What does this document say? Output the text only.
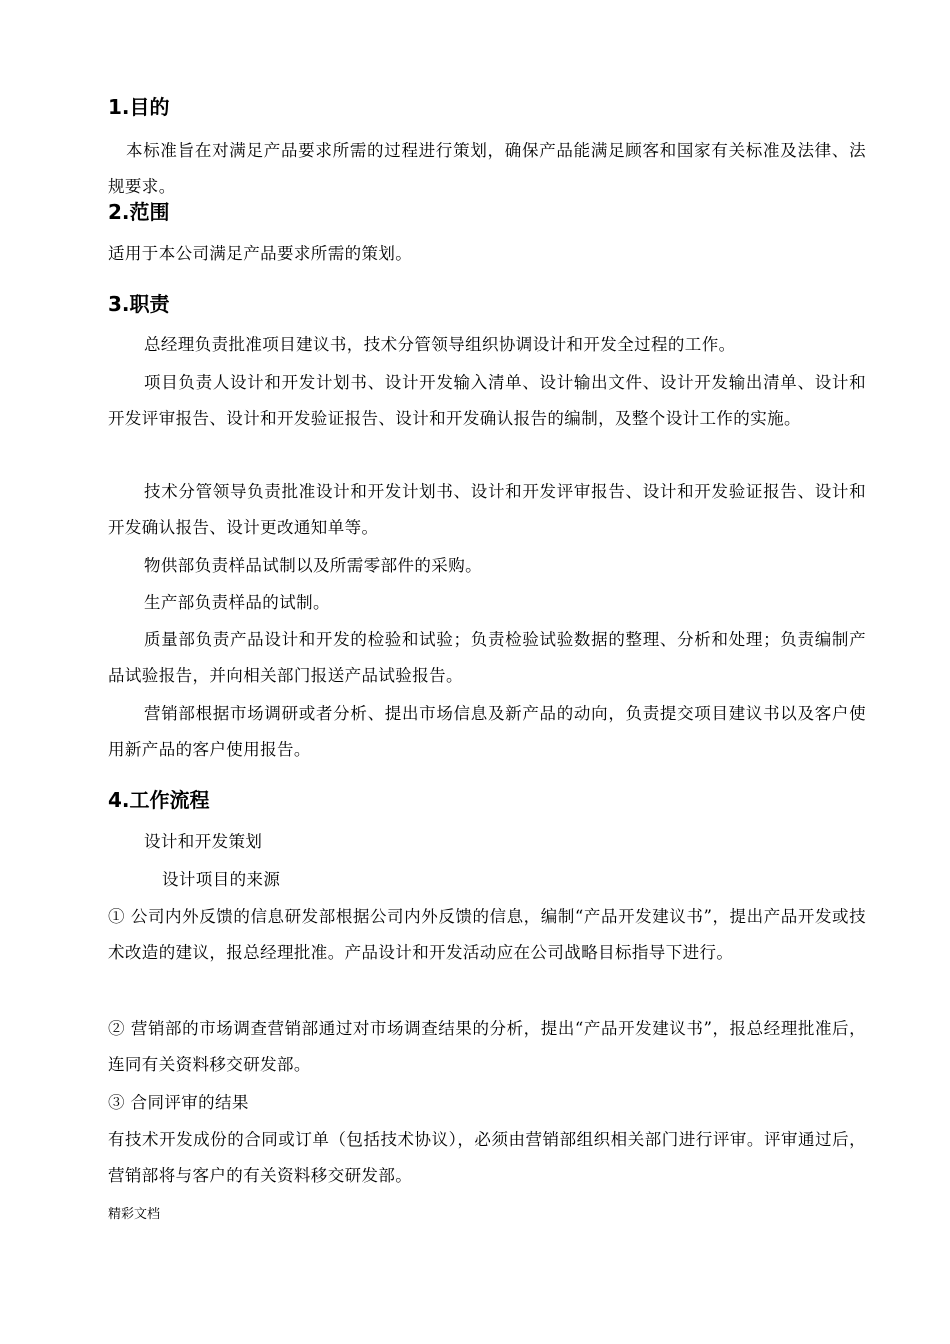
1.目的

本标准旨在对满足产品要求所需的过程进行策划，确保产品能满足顾客和国家有关标准及法律、法规要求。

2.范围

适用于本公司满足产品要求所需的策划。

3.职责

总经理负责批准项目建议书，技术分管领导组织协调设计和开发全过程的工作。

项目负责人设计和开发计划书、设计开发输入清单、设计输出文件、设计开发输出清单、设计和开发评审报告、设计和开发验证报告、设计和开发确认报告的编制，及整个设计工作的实施。

技术分管领导负责批准设计和开发计划书、设计和开发评审报告、设计和开发验证报告、设计和开发确认报告、设计更改通知单等。

物供部负责样品试制以及所需零部件的采购。

生产部负责样品的试制。

质量部负责产品设计和开发的检验和试验；负责检验试验数据的整理、分析和处理；负责编制产品试验报告，并向相关部门报送产品试验报告。

营销部根据市场调研或者分析、提出市场信息及新产品的动向，负责提交项目建议书以及客户使用新产品的客户使用报告。

4.工作流程

设计和开发策划

设计项目的来源

① 公司内外反馈的信息研发部根据公司内外反馈的信息，编制“产品开发建议书”，提出产品开发或技术改造的建议，报总经理批准。产品设计和开发活动应在公司战略目标指导下进行。

② 营销部的市场调查营销部通过对市场调查结果的分析，提出“产品开发建议书”，报总经理批准后，连同有关资料移交研发部。

③ 合同评审的结果

有技术开发成份的合同或订单（包括技术协议），必须由营销部组织相关部门进行评审。评审通过后，营销部将与客户的有关资料移交研发部。

精彩文档
